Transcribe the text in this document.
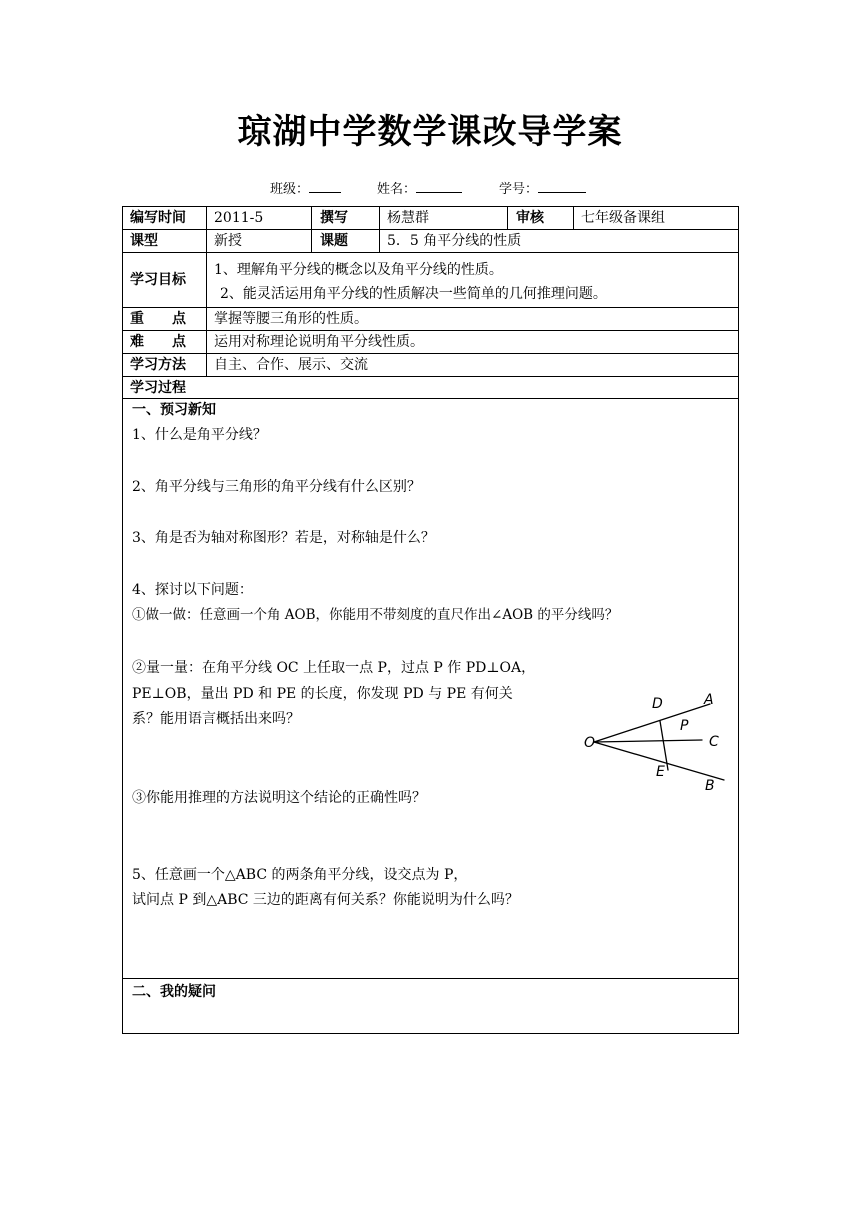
琼湖中学数学课改导学案
班级：	姓名：	学号：
编写时间 2011-5	撰写	杨慧群	审核	七年级备课组
课型	新授	课题	5．5 角平分线的性质
学习目标
1、理解角平分线的概念以及角平分线的性质。
2、能灵活运用角平分线的性质解决一些简单的几何推理问题。
重　　点 掌握等腰三角形的性质。
难　　点 运用对称理论说明角平分线性质。
学习方法 自主、合作、展示、交流
学习过程
一、预习新知
1、什么是角平分线？
2、角平分线与三角形的角平分线有什么区别？
3、角是否为轴对称图形？若是，对称轴是什么？
4、探讨以下问题：
①做一做：任意画一个角 AOB，你能用不带刻度的直尺作出∠AOB 的平分线吗？
②量一量：在角平分线 OC 上任取一点 P，过点 P 作 PD⊥OA，
PE⊥OB，量出 PD 和 PE 的长度，你发现 PD 与 PE 有何关
系？能用语言概括出来吗？
③你能用推理的方法说明这个结论的正确性吗？
5、任意画一个△ABC 的两条角平分线，设交点为 P，
试问点 P 到△ABC 三边的距离有何关系？你能说明为什么吗？
二、我的疑问
D	A
P
C
O
E
B
